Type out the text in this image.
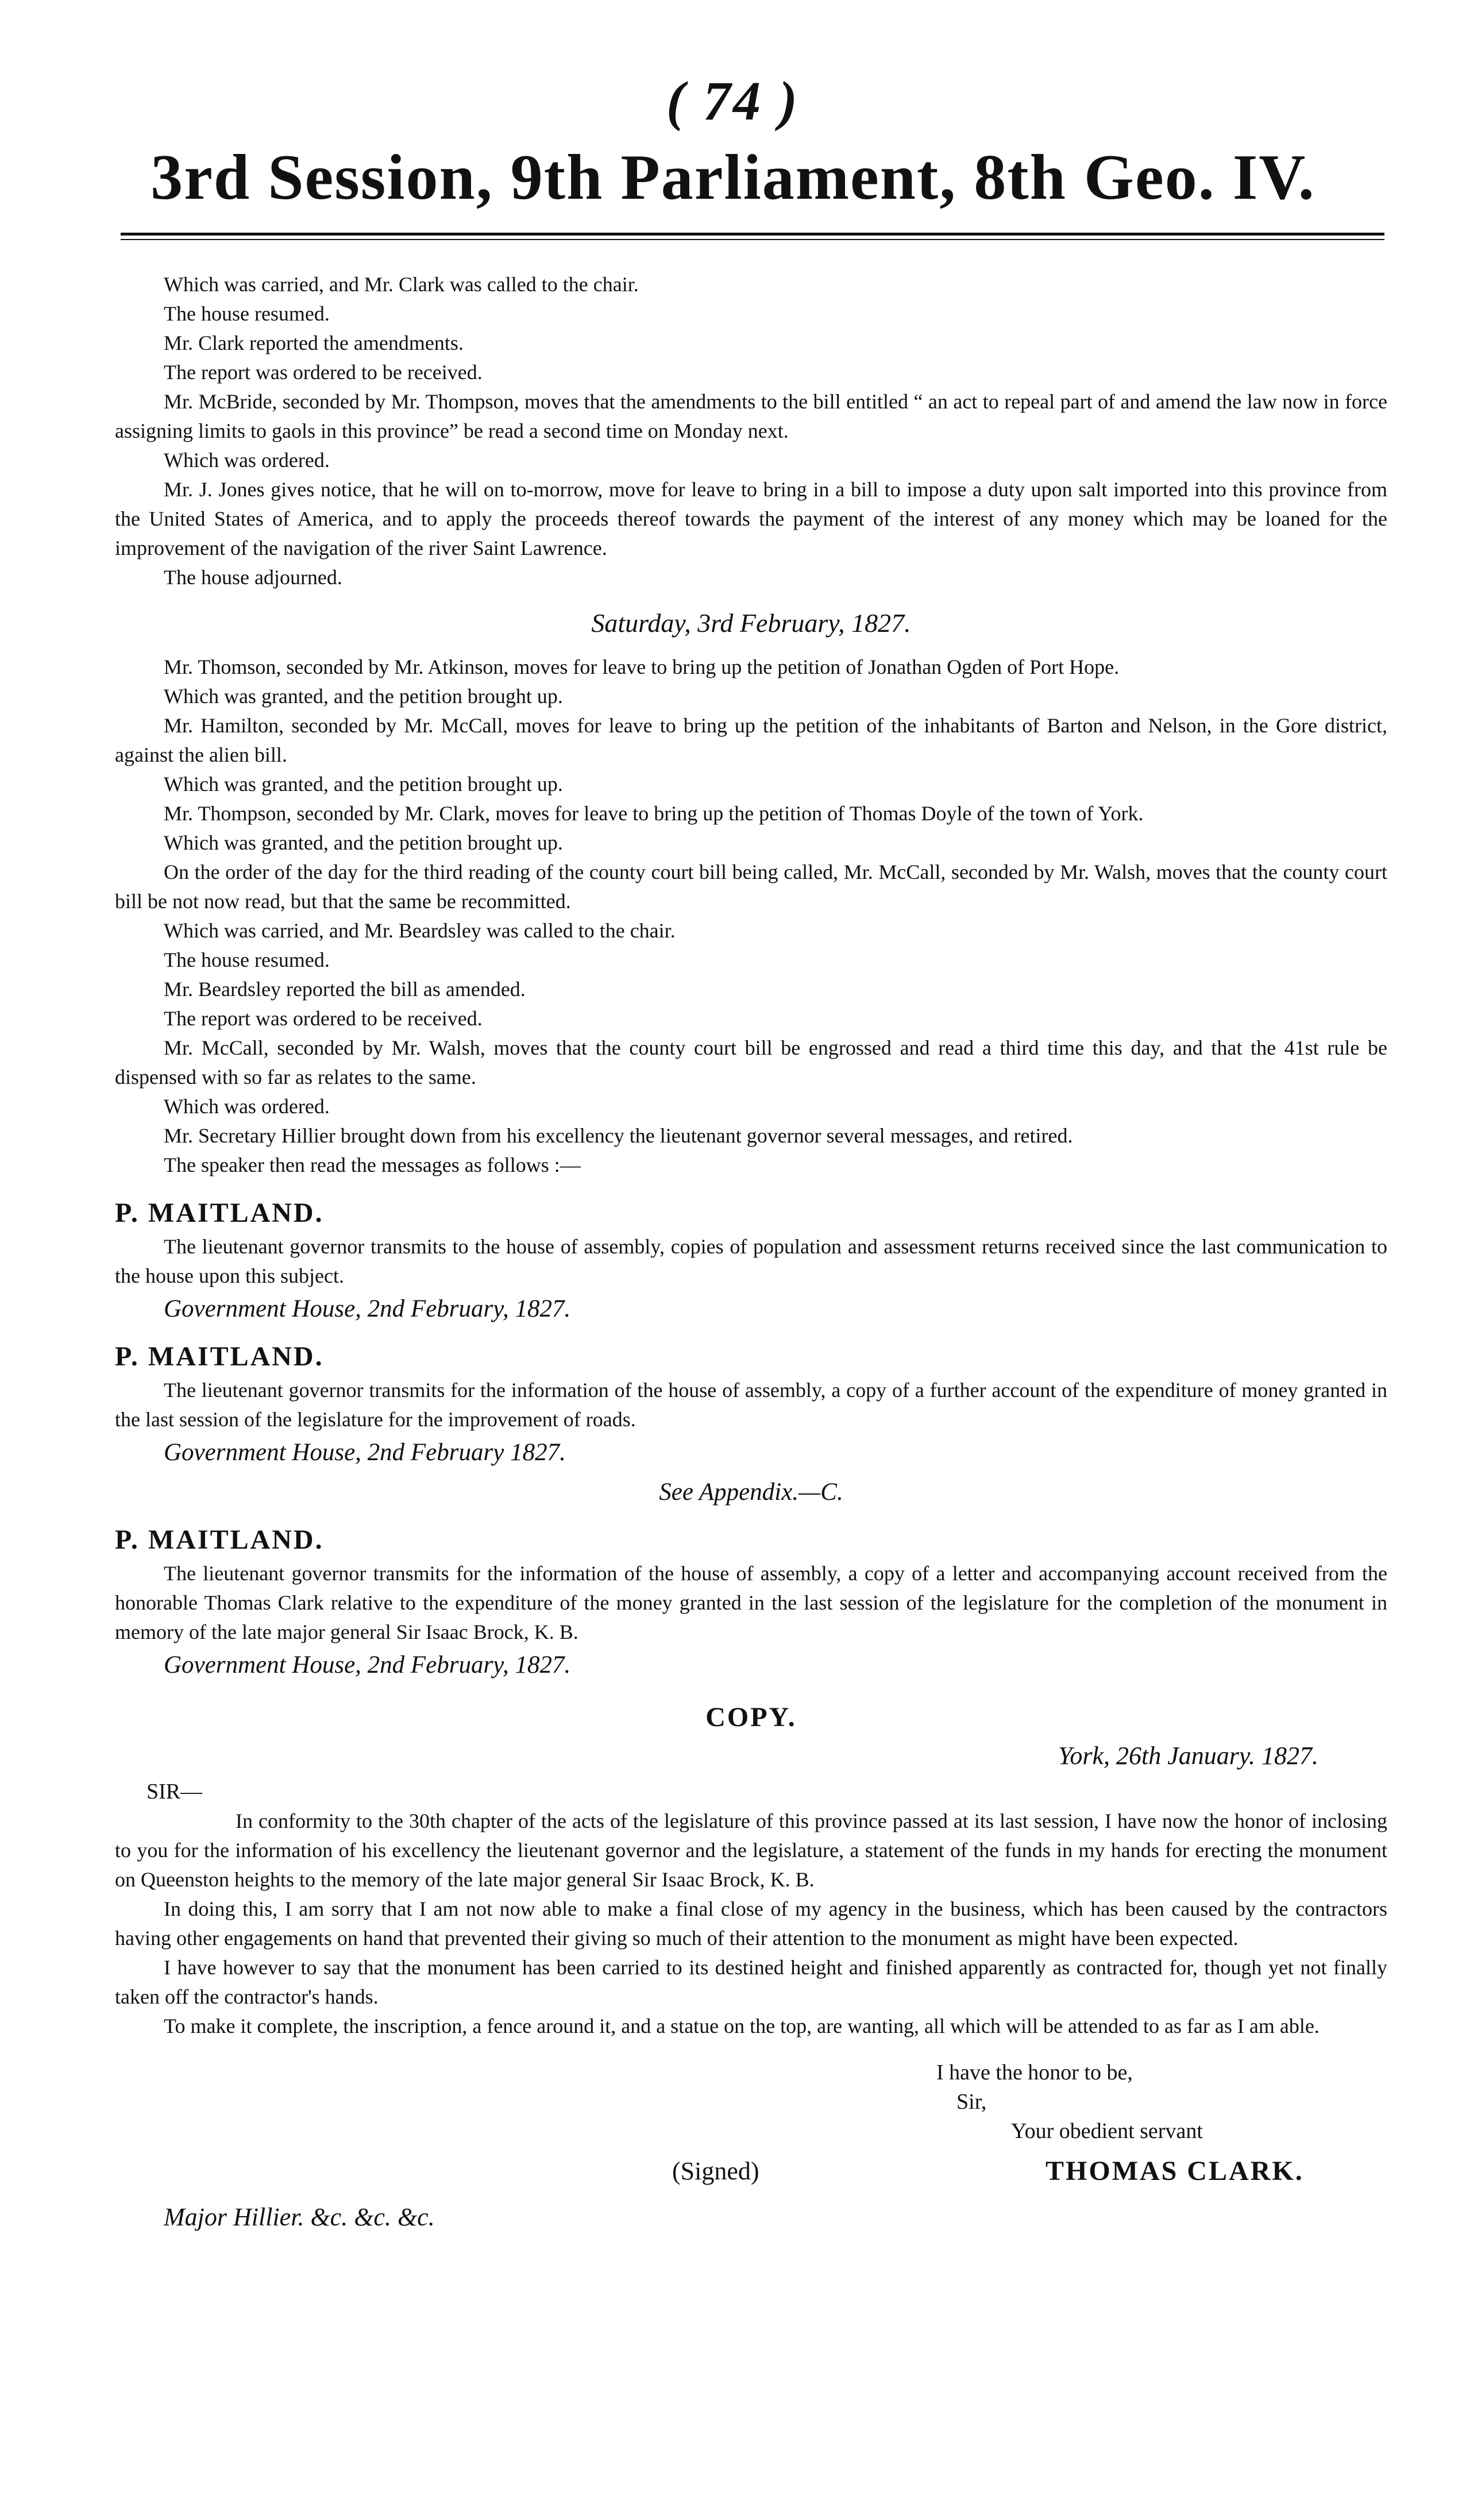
( 74 )
3rd Session, 9th Parliament, 8th Geo. IV.

Which was carried, and Mr. Clark was called to the chair.

The house resumed.

Mr. Clark reported the amendments.

The report was ordered to be received.

Mr. McBride, seconded by Mr. Thompson, moves that the amendments to the bill entitled “ an act to repeal part of and amend the law now in force assigning limits to gaols in this province” be read a second time on Monday next.

Which was ordered.

Mr. J. Jones gives notice, that he will on to-morrow, move for leave to bring in a bill to impose a duty upon salt imported into this province from the United States of America, and to apply the proceeds thereof towards the payment of the interest of any money which may be loaned for the improvement of the navigation of the river Saint Lawrence.

The house adjourned.

Saturday, 3rd February, 1827.

Mr. Thomson, seconded by Mr. Atkinson, moves for leave to bring up the petition of Jonathan Ogden of Port Hope.

Which was granted, and the petition brought up.

Mr. Hamilton, seconded by Mr. McCall, moves for leave to bring up the petition of the inhabitants of Barton and Nelson, in the Gore district, against the alien bill.

Which was granted, and the petition brought up.

Mr. Thompson, seconded by Mr. Clark, moves for leave to bring up the petition of Thomas Doyle of the town of York.

Which was granted, and the petition brought up.

On the order of the day for the third reading of the county court bill being called, Mr. McCall, seconded by Mr. Walsh, moves that the county court bill be not now read, but that the same be recommitted.

Which was carried, and Mr. Beardsley was called to the chair.

The house resumed.

Mr. Beardsley reported the bill as amended.

The report was ordered to be received.

Mr. McCall, seconded by Mr. Walsh, moves that the county court bill be engrossed and read a third time this day, and that the 41st rule be dispensed with so far as relates to the same.

Which was ordered.

Mr. Secretary Hillier brought down from his excellency the lieutenant governor several messages, and retired.

The speaker then read the messages as follows :—

P. MAITLAND.

The lieutenant governor transmits to the house of assembly, copies of population and assessment returns received since the last communication to the house upon this subject.

Government House, 2nd February, 1827.

P. MAITLAND.

The lieutenant governor transmits for the information of the house of assembly, a copy of a further account of the expenditure of money granted in the last session of the legislature for the improvement of roads.

Government House, 2nd February 1827.

See Appendix.—C.

P. MAITLAND.

The lieutenant governor transmits for the information of the house of assembly, a copy of a letter and accompanying account received from the honorable Thomas Clark relative to the expenditure of the money granted in the last session of the legislature for the completion of the monument in memory of the late major general Sir Isaac Brock, K. B.

Government House, 2nd February, 1827.

COPY.

York, 26th January. 1827.

SIR—

In conformity to the 30th chapter of the acts of the legislature of this province passed at its last session, I have now the honor of inclosing to you for the information of his excellency the lieutenant governor and the legislature, a statement of the funds in my hands for erecting the monument on Queenston heights to the memory of the late major general Sir Isaac Brock, K. B.

In doing this, I am sorry that I am not now able to make a final close of my agency in the business, which has been caused by the contractors having other engagements on hand that prevented their giving so much of their attention to the monument as might have been expected.

I have however to say that the monument has been carried to its destined height and finished apparently as contracted for, though yet not finally taken off the contractor's hands.

To make it complete, the inscription, a fence around it, and a statue on the top, are wanting, all which will be attended to as far as I am able.

I have the honor to be,

Sir,

Your obedient servant

(Signed)	THOMAS CLARK.

Major Hillier. &c. &c. &c.
